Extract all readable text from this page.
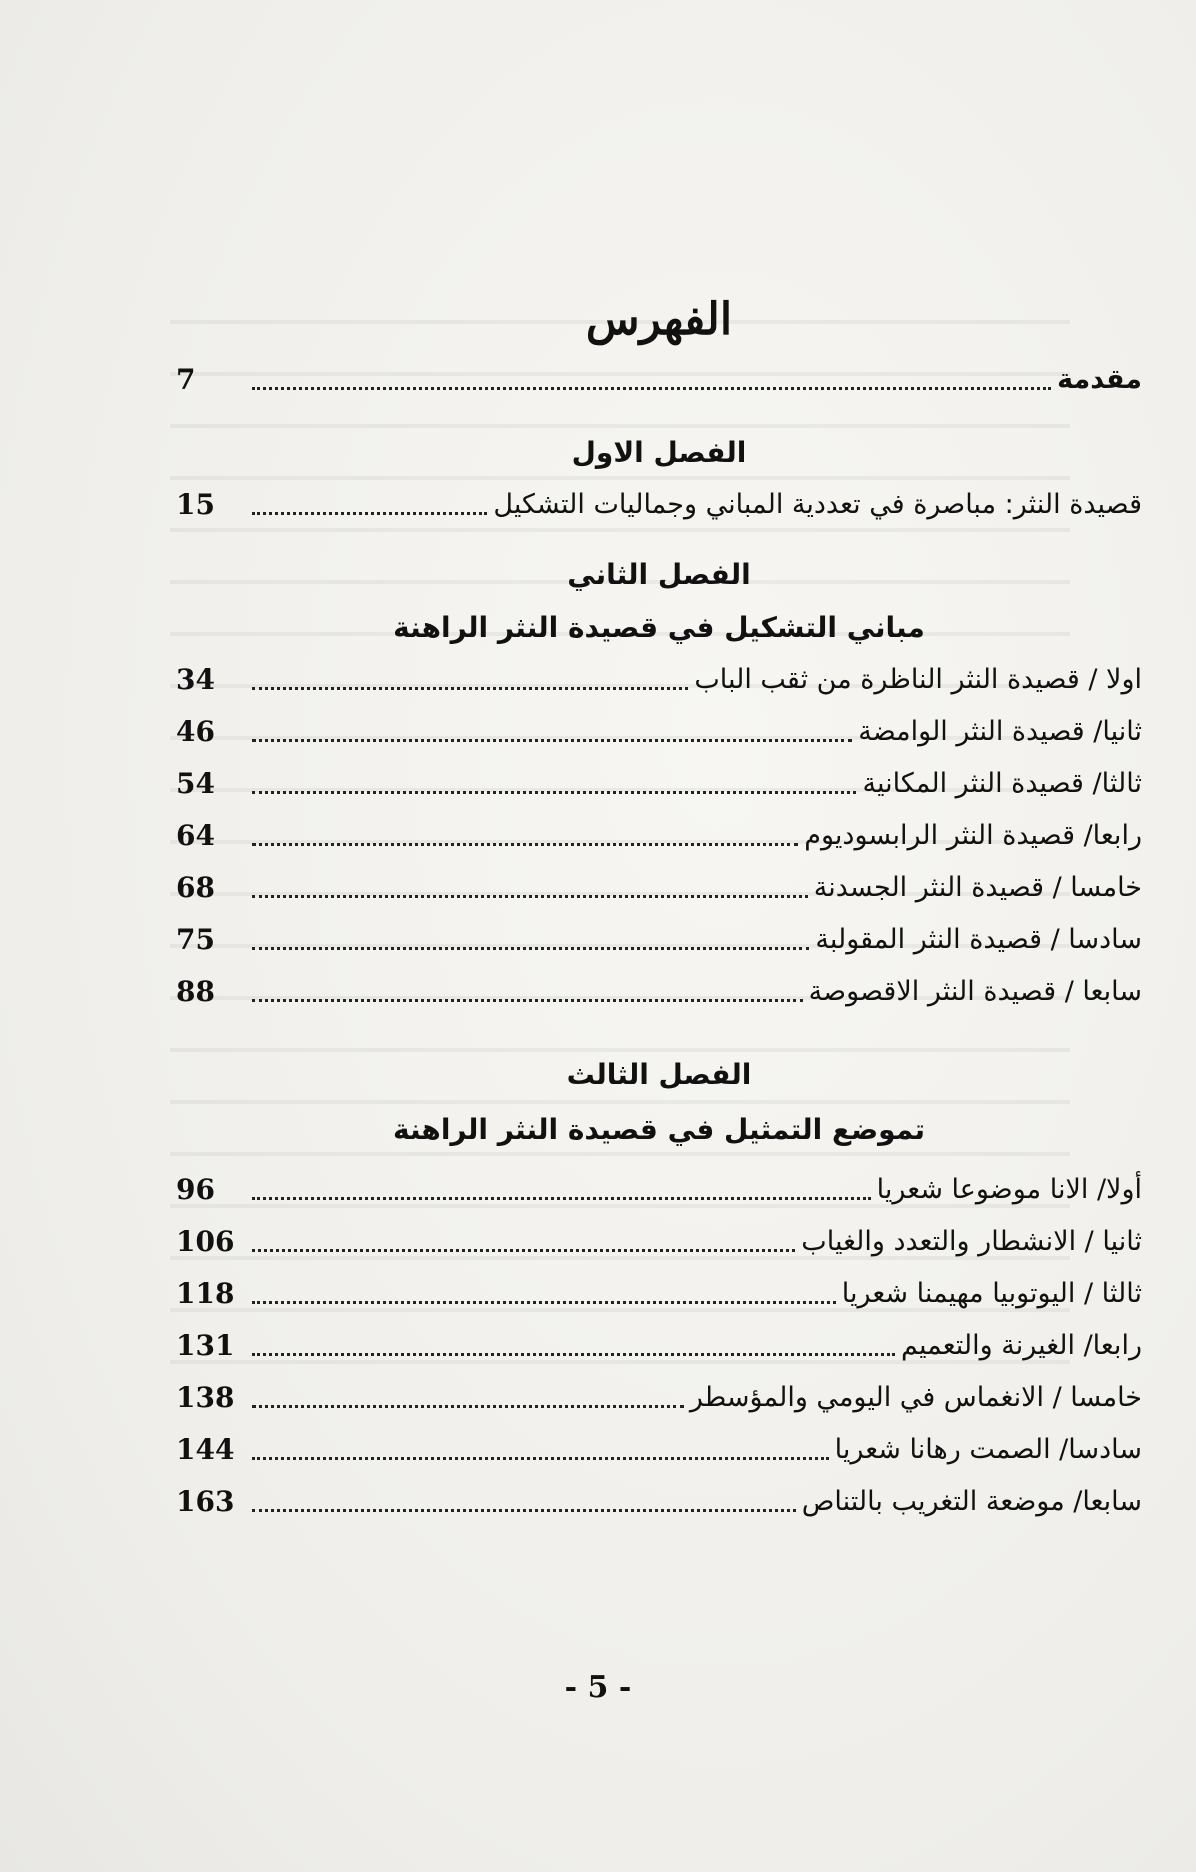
الفهرس
مقدمة
7
الفصل الاول
قصيدة النثر: مباصرة في تعددية المباني وجماليات التشكيل
15
الفصل الثاني
مباني التشكيل في قصيدة النثر الراهنة
اولا / قصيدة النثر الناظرة من ثقب الباب
34
ثانيا/ قصيدة النثر الوامضة
46
ثالثا/ قصيدة النثر المكانية
54
رابعا/ قصيدة النثر الرابسوديوم
64
خامسا / قصيدة النثر الجسدنة
68
سادسا / قصيدة النثر المقولبة
75
سابعا / قصيدة النثر الاقصوصة
88
الفصل الثالث
تموضع التمثيل في قصيدة النثر الراهنة
أولا/ الانا موضوعا شعريا
96
ثانيا / الانشطار والتعدد والغياب
106
ثالثا / اليوتوبيا مهيمنا شعريا
118
رابعا/ الغيرنة والتعميم
131
خامسا / الانغماس في اليومي والمؤسطر
138
سادسا/ الصمت رهانا شعريا
144
سابعا/ موضعة التغريب بالتناص
163
- 5 -
